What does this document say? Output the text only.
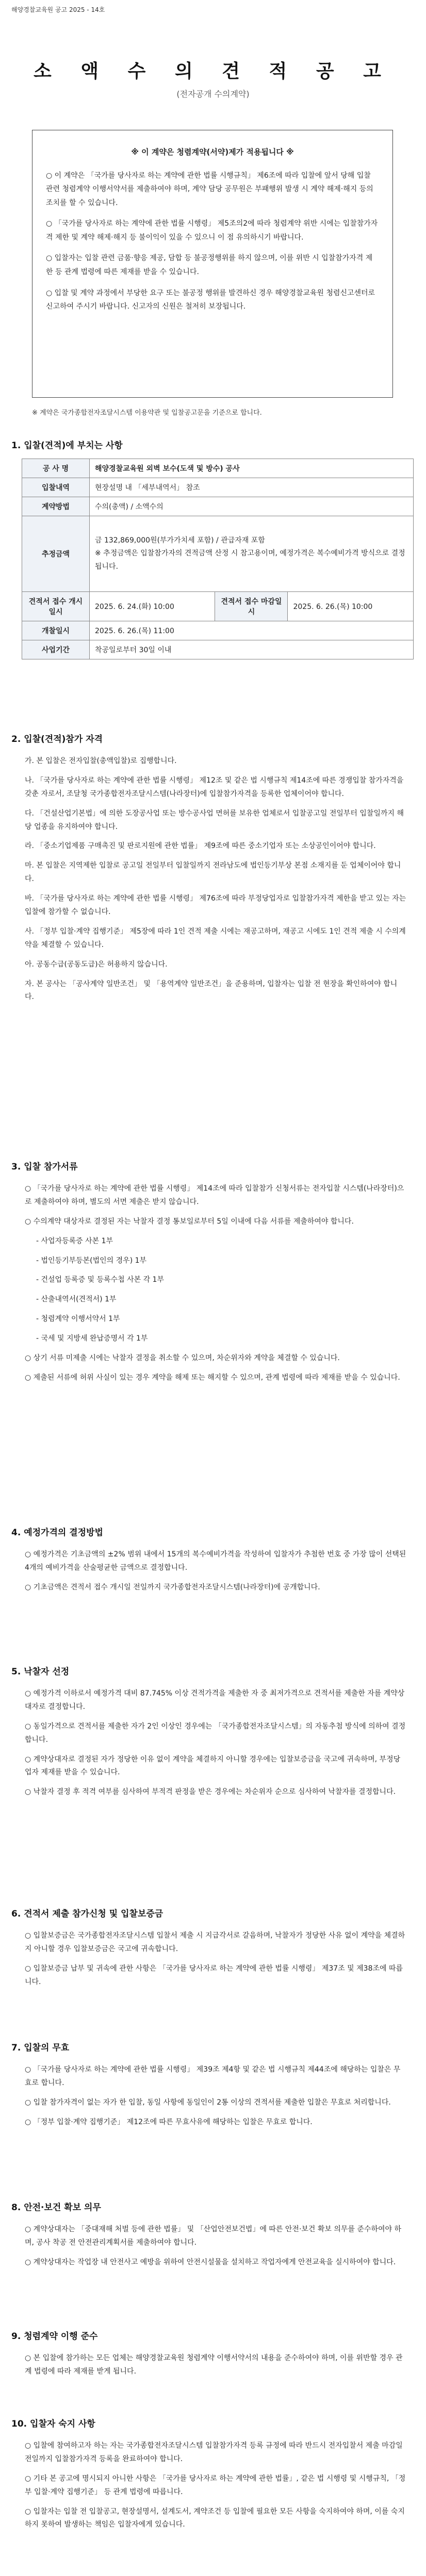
해양경찰교육원 공고 2025 - 14호
소 액 수 의 견 적 공 고
(전자공개 수의계약)
※ 이 계약은 청렴계약(서약)제가 적용됩니다 ※

○ 이 계약은 「국가를 당사자로 하는 계약에 관한 법률 시행규칙」 제6조에 따라 입찰에 앞서 당해 입찰 관련 청렴계약 이행서약서를 제출하여야 하며, 계약 담당 공무원은 부패행위 발생 시 계약 해제·해지 등의 조치를 할 수 있습니다.

○ 「국가를 당사자로 하는 계약에 관한 법률 시행령」 제5조의2에 따라 청렴계약 위반 시에는 입찰참가자격 제한 및 계약 해제·해지 등 불이익이 있을 수 있으니 이 점 유의하시기 바랍니다.

○ 입찰자는 입찰 관련 금품·향응 제공, 담합 등 불공정행위를 하지 않으며, 이를 위반 시 입찰참가자격 제한 등 관계 법령에 따른 제재를 받을 수 있습니다.

○ 입찰 및 계약 과정에서 부당한 요구 또는 불공정 행위를 발견하신 경우 해양경찰교육원 청렴신고센터로 신고하여 주시기 바랍니다. 신고자의 신원은 철저히 보장됩니다.

※ 계약은 국가종합전자조달시스템 이용약관 및 입찰공고문을 기준으로 합니다.
1. 입찰(견적)에 부치는 사항
공 사 명	해양경찰교육원 외벽 보수(도색 및 방수) 공사		
입찰내역	현장설명 내 「세부내역서」 참조		
계약방법	수의(총액) / 소액수의		
추정금액	금 132,869,000원(부가가치세 포함) / 관급자재 포함
※ 추정금액은 입찰참가자의 견적금액 산정 시 참고용이며, 예정가격은 복수예비가격 방식으로 결정됩니다.		
견적서 접수 개시일시	2025. 6. 24.(화) 10:00	견적서 접수 마감일시	2025. 6. 26.(목) 10:00
개찰일시	2025. 6. 26.(목) 11:00		
사업기간	착공일로부터 30일 이내		
2. 입찰(견적)참가 자격

가. 본 입찰은 전자입찰(총액입찰)로 집행합니다.

나. 「국가를 당사자로 하는 계약에 관한 법률 시행령」 제12조 및 같은 법 시행규칙 제14조에 따른 경쟁입찰 참가자격을 갖춘 자로서, 조달청 국가종합전자조달시스템(나라장터)에 입찰참가자격을 등록한 업체이어야 합니다.

다. 「건설산업기본법」에 의한 도장공사업 또는 방수공사업 면허를 보유한 업체로서 입찰공고일 전일부터 입찰일까지 해당 업종을 유지하여야 합니다.

라. 「중소기업제품 구매촉진 및 판로지원에 관한 법률」 제9조에 따른 중소기업자 또는 소상공인이어야 합니다.

마. 본 입찰은 지역제한 입찰로 공고일 전일부터 입찰일까지 전라남도에 법인등기부상 본점 소재지를 둔 업체이어야 합니다.

바. 「국가를 당사자로 하는 계약에 관한 법률 시행령」 제76조에 따라 부정당업자로 입찰참가자격 제한을 받고 있는 자는 입찰에 참가할 수 없습니다.

사. 「정부 입찰·계약 집행기준」 제5장에 따라 1인 견적 제출 시에는 재공고하며, 재공고 시에도 1인 견적 제출 시 수의계약을 체결할 수 있습니다.

아. 공동수급(공동도급)은 허용하지 않습니다.

자. 본 공사는 「공사계약 일반조건」 및 「용역계약 일반조건」을 준용하며, 입찰자는 입찰 전 현장을 확인하여야 합니다.

3. 입찰 참가서류

○ 「국가를 당사자로 하는 계약에 관한 법률 시행령」 제14조에 따라 입찰참가 신청서류는 전자입찰 시스템(나라장터)으로 제출하여야 하며, 별도의 서면 제출은 받지 않습니다.

○ 수의계약 대상자로 결정된 자는 낙찰자 결정 통보일로부터 5일 이내에 다음 서류를 제출하여야 합니다.

- 사업자등록증 사본 1부

- 법인등기부등본(법인의 경우) 1부

- 건설업 등록증 및 등록수첩 사본 각 1부

- 산출내역서(견적서) 1부

- 청렴계약 이행서약서 1부

- 국세 및 지방세 완납증명서 각 1부

○ 상기 서류 미제출 시에는 낙찰자 결정을 취소할 수 있으며, 차순위자와 계약을 체결할 수 있습니다.

○ 제출된 서류에 허위 사실이 있는 경우 계약을 해제 또는 해지할 수 있으며, 관계 법령에 따라 제재를 받을 수 있습니다.

4. 예정가격의 결정방법

○ 예정가격은 기초금액의 ±2% 범위 내에서 15개의 복수예비가격을 작성하여 입찰자가 추첨한 번호 중 가장 많이 선택된 4개의 예비가격을 산술평균한 금액으로 결정합니다.

○ 기초금액은 견적서 접수 개시일 전일까지 국가종합전자조달시스템(나라장터)에 공개합니다.

5. 낙찰자 선정

○ 예정가격 이하로서 예정가격 대비 87.745% 이상 견적가격을 제출한 자 중 최저가격으로 견적서를 제출한 자를 계약상대자로 결정합니다.

○ 동일가격으로 견적서를 제출한 자가 2인 이상인 경우에는 「국가종합전자조달시스템」의 자동추첨 방식에 의하여 결정합니다.

○ 계약상대자로 결정된 자가 정당한 이유 없이 계약을 체결하지 아니할 경우에는 입찰보증금을 국고에 귀속하며, 부정당업자 제재를 받을 수 있습니다.

○ 낙찰자 결정 후 적격 여부를 심사하여 부적격 판정을 받은 경우에는 차순위자 순으로 심사하여 낙찰자를 결정합니다.

6. 견적서 제출 참가신청 및 입찰보증금

○ 입찰보증금은 국가종합전자조달시스템 입찰서 제출 시 지급각서로 갈음하며, 낙찰자가 정당한 사유 없이 계약을 체결하지 아니할 경우 입찰보증금은 국고에 귀속합니다.

○ 입찰보증금 납부 및 귀속에 관한 사항은 「국가를 당사자로 하는 계약에 관한 법률 시행령」 제37조 및 제38조에 따릅니다.

7. 입찰의 무효

○ 「국가를 당사자로 하는 계약에 관한 법률 시행령」 제39조 제4항 및 같은 법 시행규칙 제44조에 해당하는 입찰은 무효로 합니다.

○ 입찰 참가자격이 없는 자가 한 입찰, 동일 사항에 동일인이 2통 이상의 견적서를 제출한 입찰은 무효로 처리합니다.

○ 「정부 입찰·계약 집행기준」 제12조에 따른 무효사유에 해당하는 입찰은 무효로 합니다.

8. 안전·보건 확보 의무

○ 계약상대자는 「중대재해 처벌 등에 관한 법률」 및 「산업안전보건법」에 따른 안전·보건 확보 의무를 준수하여야 하며, 공사 착공 전 안전관리계획서를 제출하여야 합니다.

○ 계약상대자는 작업장 내 안전사고 예방을 위하여 안전시설물을 설치하고 작업자에게 안전교육을 실시하여야 합니다.

9. 청렴계약 이행 준수

○ 본 입찰에 참가하는 모든 업체는 해양경찰교육원 청렴계약 이행서약서의 내용을 준수하여야 하며, 이를 위반할 경우 관계 법령에 따라 제재를 받게 됩니다.

10. 입찰자 숙지 사항

○ 입찰에 참여하고자 하는 자는 국가종합전자조달시스템 입찰참가자격 등록 규정에 따라 반드시 전자입찰서 제출 마감일 전일까지 입찰참가자격 등록을 완료하여야 합니다.

○ 기타 본 공고에 명시되지 아니한 사항은 「국가를 당사자로 하는 계약에 관한 법률」, 같은 법 시행령 및 시행규칙, 「정부 입찰·계약 집행기준」 등 관계 법령에 따릅니다.

○ 입찰자는 입찰 전 입찰공고, 현장설명서, 설계도서, 계약조건 등 입찰에 필요한 모든 사항을 숙지하여야 하며, 이를 숙지하지 못하여 발생하는 책임은 입찰자에게 있습니다.
